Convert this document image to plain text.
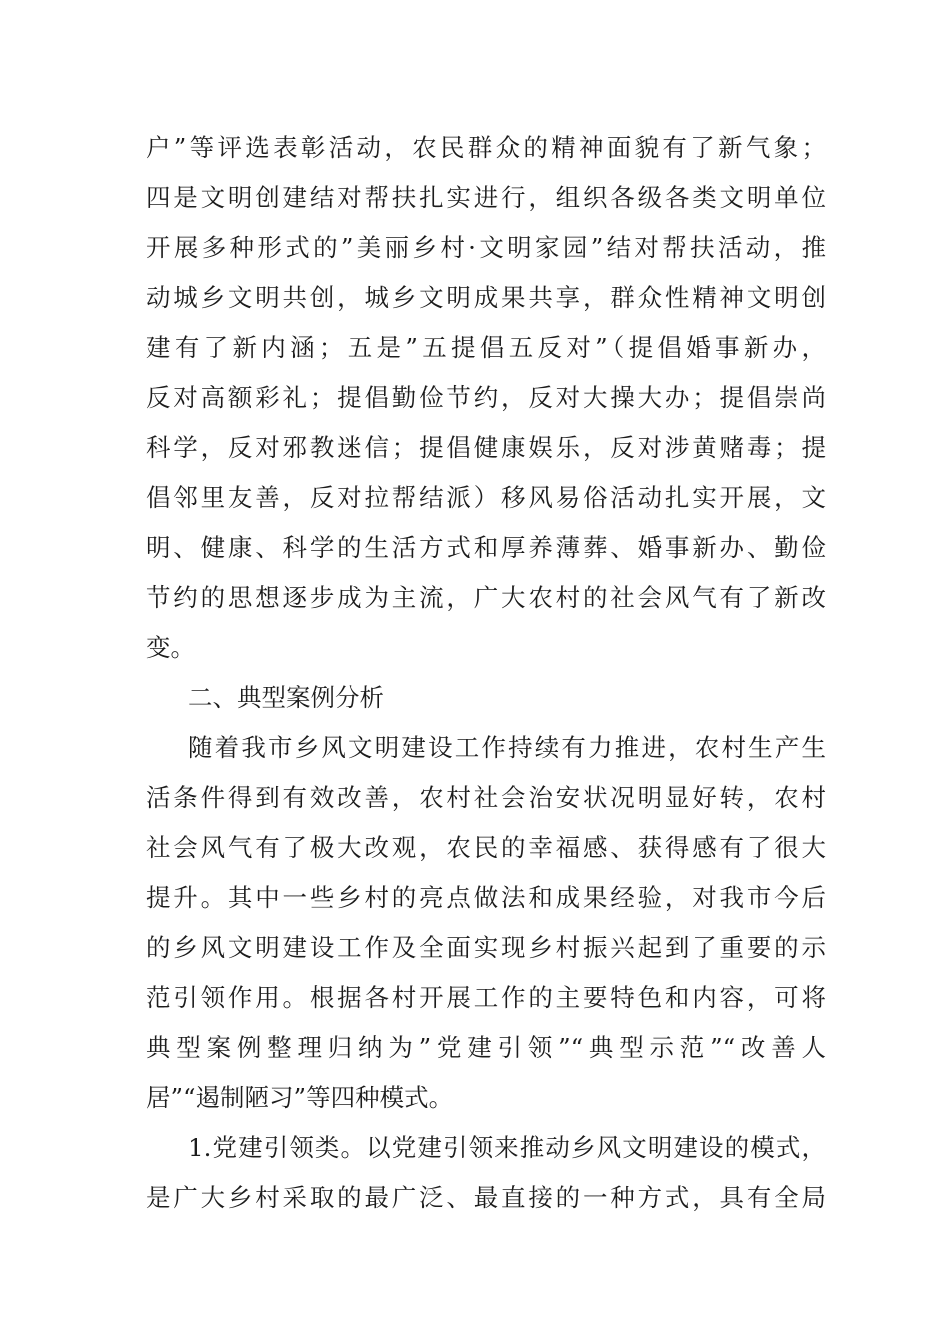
户”等评选表彰活动，农民群众的精神面貌有了新气象；
四是文明创建结对帮扶扎实进行，组织各级各类文明单位
开展多种形式的”美丽乡村·文明家园”结对帮扶活动，推
动城乡文明共创，城乡文明成果共享，群众性精神文明创
建有了新内涵；五是”五提倡五反对”（提倡婚事新办，
反对高额彩礼；提倡勤俭节约，反对大操大办；提倡崇尚
科学，反对邪教迷信；提倡健康娱乐，反对涉黄赌毒；提
倡邻里友善，反对拉帮结派）移风易俗活动扎实开展，文
明、健康、科学的生活方式和厚养薄葬、婚事新办、勤俭
节约的思想逐步成为主流，广大农村的社会风气有了新改
变。
二、典型案例分析
随着我市乡风文明建设工作持续有力推进，农村生产生
活条件得到有效改善，农村社会治安状况明显好转，农村
社会风气有了极大改观，农民的幸福感、获得感有了很大
提升。其中一些乡村的亮点做法和成果经验，对我市今后
的乡风文明建设工作及全面实现乡村振兴起到了重要的示
范引领作用。根据各村开展工作的主要特色和内容，可将
典型案例整理归纳为”党建引领”“典型示范”“改善人
居”“遏制陋习”等四种模式。
1.党建引领类。以党建引领来推动乡风文明建设的模式，
是广大乡村采取的最广泛、最直接的一种方式，具有全局
